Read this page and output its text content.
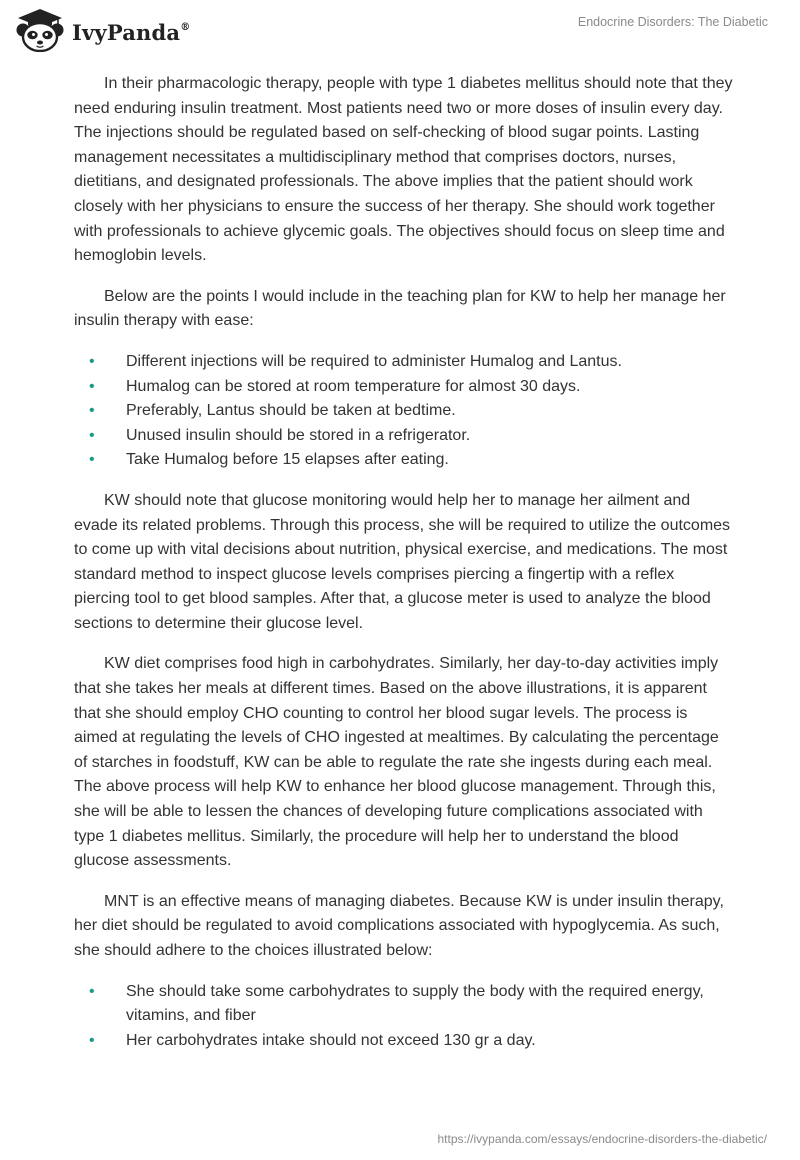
IvyPanda®	Endocrine Disorders: The Diabetic

In their pharmacologic therapy, people with type 1 diabetes mellitus should note that they need enduring insulin treatment. Most patients need two or more doses of insulin every day. The injections should be regulated based on self-checking of blood sugar points. Lasting management necessitates a multidisciplinary method that comprises doctors, nurses, dietitians, and designated professionals. The above implies that the patient should work closely with her physicians to ensure the success of her therapy. She should work together with professionals to achieve glycemic goals. The objectives should focus on sleep time and hemoglobin levels.

Below are the points I would include in the teaching plan for KW to help her manage her insulin therapy with ease:

• Different injections will be required to administer Humalog and Lantus.
• Humalog can be stored at room temperature for almost 30 days.
• Preferably, Lantus should be taken at bedtime.
• Unused insulin should be stored in a refrigerator.
• Take Humalog before 15 elapses after eating.

KW should note that glucose monitoring would help her to manage her ailment and evade its related problems. Through this process, she will be required to utilize the outcomes to come up with vital decisions about nutrition, physical exercise, and medications. The most standard method to inspect glucose levels comprises piercing a fingertip with a reflex piercing tool to get blood samples. After that, a glucose meter is used to analyze the blood sections to determine their glucose level.

KW diet comprises food high in carbohydrates. Similarly, her day-to-day activities imply that she takes her meals at different times. Based on the above illustrations, it is apparent that she should employ CHO counting to control her blood sugar levels. The process is aimed at regulating the levels of CHO ingested at mealtimes. By calculating the percentage of starches in foodstuff, KW can be able to regulate the rate she ingests during each meal. The above process will help KW to enhance her blood glucose management. Through this, she will be able to lessen the chances of developing future complications associated with type 1 diabetes mellitus. Similarly, the procedure will help her to understand the blood glucose assessments.

MNT is an effective means of managing diabetes. Because KW is under insulin therapy, her diet should be regulated to avoid complications associated with hypoglycemia. As such, she should adhere to the choices illustrated below:

• She should take some carbohydrates to supply the body with the required energy, vitamins, and fiber
• Her carbohydrates intake should not exceed 130 gr a day.
https://ivypanda.com/essays/endocrine-disorders-the-diabetic/
